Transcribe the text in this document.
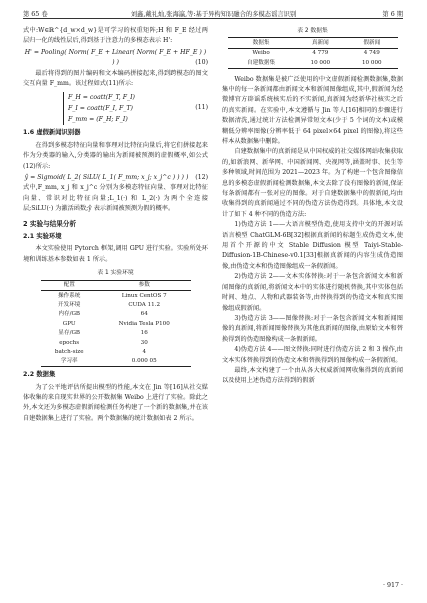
第 65 卷	刘鑫,戴礼灿,张海瀛,等:基于异构知识融合的多模态谣言识别	第 6 期

式中:W∈ℝ^{d_w×d_w}是可学习的权重矩阵;H 和 F_E 经过两层归一化的线性层后,得到基于注意力的多模态表示 H':

H' = Pooling( Norm( F_E + Linear( Norm( F_E + HF_E ) ) ) )	(10)

最后将得到的图片编码和文本编码拼接起来,得到跨模态的图文交互向量 F_mm。该过程如式(11)所示:

F_H = coatt(F_T, F_I)
F_I = coatt(F_I, F_T)
F_mm = (F_H; F_I)
(11)
1.6 虚假新闻识别器

在得到多模态特征向量和事理对比特征向量后,将它们拼接起来作为分类器的输入,分类器的输出为新闻被预测的虚假概率,如公式(12)所示:

ŷ = Sigmoid( L_2( SiLU( L_1( F_mm; x_j; x_j^c ) ) ) )	(12)

式中,F_mm, x_j 和 x_j^c 分别为多模态特征向量、事理对比特征向量、常识对比特征向量;L_1(·) 和 L_2(·) 为两个全连接层;SiLU(·) 为激活函数;ŷ 表示新闻被预测为假的概率。

2 实验与结果分析
2.1 实验环境

本文实验使用 Pytorch 框架,调用 GPU 进行实验。实验所处环境和训练基本参数如表 1 所示。

表 1 实验环境
配置	参数
操作系统	Linux CentOS 7
开发环境	CUDA 11.2
内存/GB	64
GPU	Nvidia Tesla P100
显存/GB	16
epochs	30
batch-size	4
学习率	0.000 05
2.2 数据集

为了公平地评估所提出模型的性能,本文在 Jin 等[16]从社交媒体收集的来自现实世界的公开数据集 Weibo 上进行了实验。除此之外,本文还为多模态虚假新闻检测任务构建了一个新的数据集,并在该自建数据集上进行了实验。两个数据集的统计数据如表 2 所示。

表 2 数据集
数据集	真新闻	假新闻
Weibo	4 779	4 749
自建数据集	10 000	10 000

Weibo 数据集是被广泛使用的中文虚假新闻检测数据集,数据集中的每一条新闻都由新闻文本和新闻图像组成,其中,假新闻为经微博官方辟谣系统核实后的不实新闻,真新闻为经新华社核实之后的真实新闻。在实验中,本文遵循与 Jin 等人[16]相同的步骤进行数据清洗,通过统计方法检测异常短文本(少于 5 个词的文本)或模糊低分辨率图像(分辨率低于 64 pixel×64 pixel 的图像),将这些样本从数据集中删除。

自建数据集中的真新闻是从中国权威的社交媒体网站收集获取的,如新浪网、新华网、中国新闻网、央视网等,涵盖时事、民生等多种领域,时间范围为 2021—2023 年。为了构建一个包含图像信息的多模态虚假新闻检测数据集,本文去除了没有图像的新闻,保证每条新闻都有一张对应的图像。对于自建数据集中的假新闻,均由收集得到的真新闻通过不同的伪造方法伪造得到。具体地,本文设计了如下 4 种不同的伪造方法:

1)伪造方法 1——大语言模型伪造,使用支持中文的开源对话语言模型 ChatGLM-6B[32]根据真新闻的标题生成伪造文本,使用首个开源的中文 Stable Diffusion 模型 Taiyi-Stable-Diffusion-1B-Chinese-v0.1[33]根据真新闻的内容生成伪造图像,由伪造文本和伪造图像组成一条假新闻。

2)伪造方法 2——文本实体替换:对于一条包含新闻文本和新闻图像的真新闻,将新闻文本中的实体进行随机替换,其中实体包括时间、地点、人物和武器装备等,由替换得到的伪造文本和真实图像组成假新闻。

3)伪造方法 3——图像替换:对于一条包含新闻文本和新闻图像的真新闻,将新闻图像替换为其他真新闻的图像,由原始文本和替换得到的伪造图像构成一条假新闻。

4)伪造方法 4——图文替换:同时进行伪造方法 2 和 3 操作,由文本实体替换得到的伪造文本和替换得到的图像构成一条假新闻。

最终,本文构建了一个由从各大权威新闻网收集得到的真新闻以及使用上述伪造方法得到的假新

· 917 ·
